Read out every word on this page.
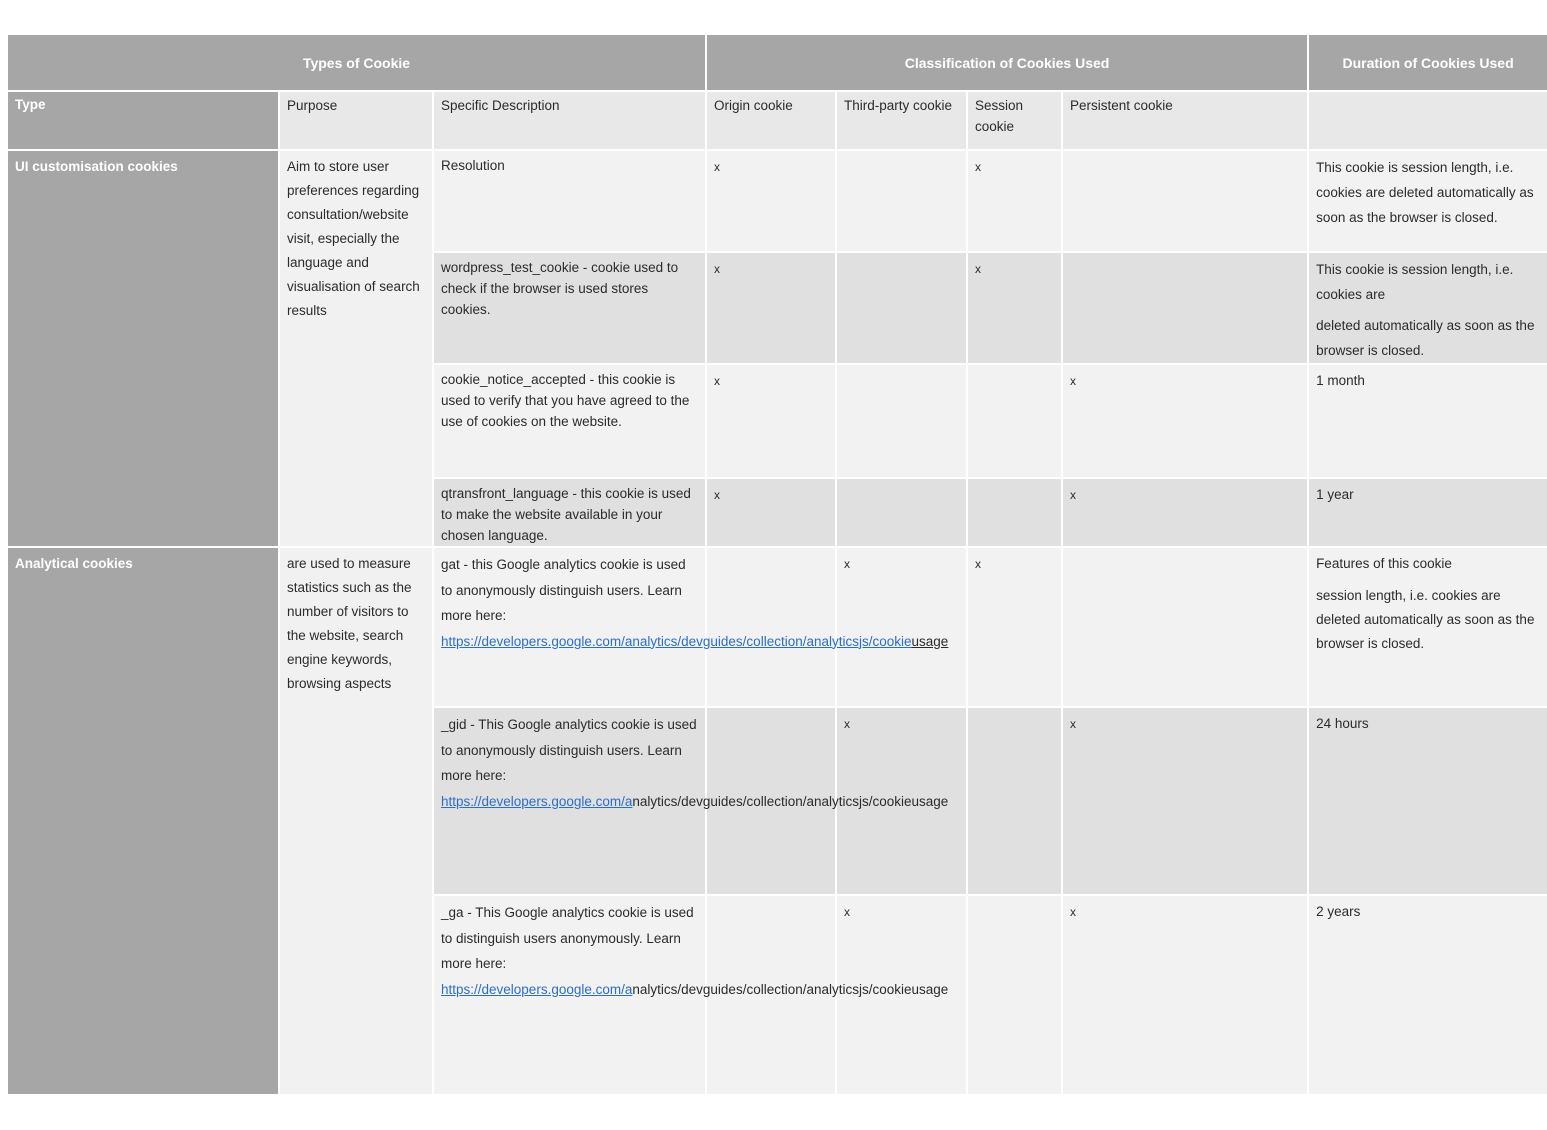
Types of Cookie			Classification of Cookies Used				Duration of Cookies Used
Type	Purpose	Specific Description	Origin cookie	Third-party cookie	Session cookie	Persistent cookie	
UI customisation cookies	Aim to store user preferences regarding consultation/website visit, especially the language and visualisation of search results	Resolution	x		x		This cookie is session length, i.e. cookies are deleted automatically as soon as the browser is closed.
		wordpress_test_cookie - cookie used to check if the browser is used stores cookies.	x		x		This cookie is session length, i.e. cookies are
deleted automatically as soon as the browser is closed.

		cookie_notice_accepted - this cookie is used to verify that you have agreed to the use of cookies on the website.	x			x	1 month
		qtransfront_language - this cookie is used to make the website available in your chosen language.	x			x	1 year
Analytical cookies	are used to measure statistics such as the number of visitors to the website, search engine keywords, browsing aspects	gat - this Google analytics cookie is used to anonymously distinguish users. Learn more here: https://developers.google.com/analytics/devguides/collection/analyticsjs/cookieusage		x	x		Features of this cookie
session length, i.e. cookies are deleted automatically as soon as the browser is closed.

		_gid - This Google analytics cookie is used to anonymously distinguish users. Learn more here: https://developers.google.com/analytics/devguides/collection/analyticsjs/cookieusage		x		x	24 hours
		_ga - This Google analytics cookie is used to distinguish users anonymously. Learn more here: https://developers.google.com/analytics/devguides/collection/analyticsjs/cookieusage		x		x	2 years
